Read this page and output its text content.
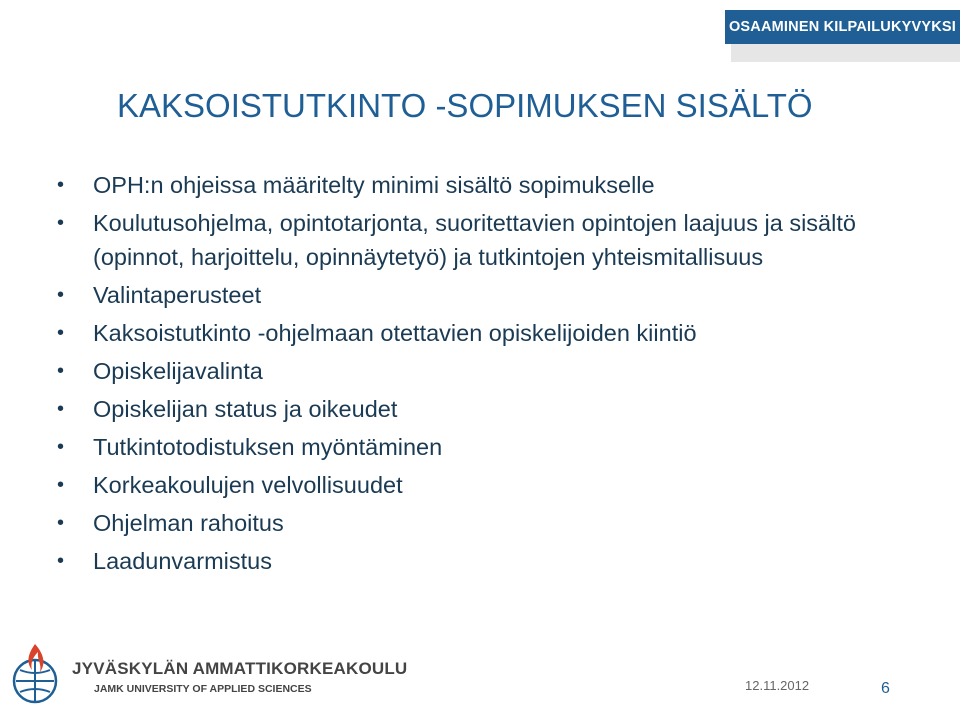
OSAAMINEN KILPAILUKYVYKSI
KAKSOISTUTKINTO -SOPIMUKSEN SISÄLTÖ
• OPH:n ohjeissa määritelty minimi sisältö sopimukselle
• Koulutusohjelma, opintotarjonta, suoritettavien opintojen laajuus ja sisältö (opinnot, harjoittelu, opinnäytetyö) ja tutkintojen yhteismitallisuus
• Valintaperusteet
• Kaksoistutkinto -ohjelmaan otettavien opiskelijoiden kiintiö
• Opiskelijavalinta
• Opiskelijan status ja oikeudet
• Tutkintotodistuksen myöntäminen
• Korkeakoulujen velvollisuudet
• Ohjelman rahoitus
• Laadunvarmistus
JYVÄSKYLÄN AMMATTIKORKEAKOULU
JAMK UNIVERSITY OF APPLIED SCIENCES	12.11.2012	6
